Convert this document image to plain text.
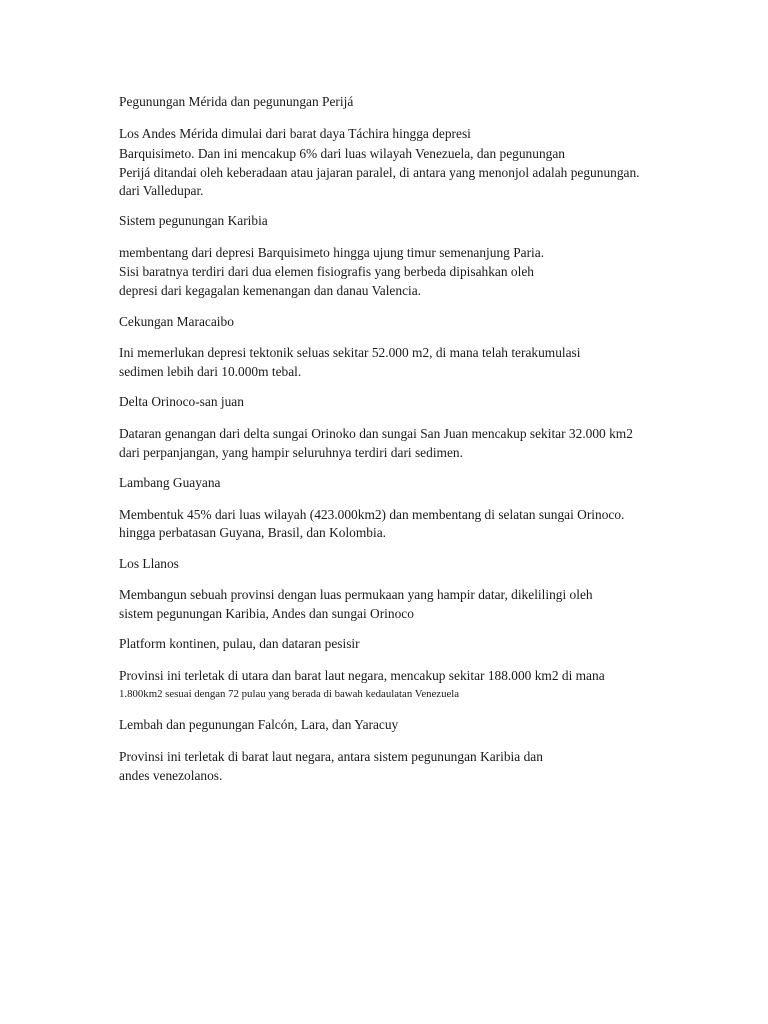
Pegunungan Mérida dan pegunungan Perijá
Los Andes Mérida dimulai dari barat daya Táchira hingga depresi
Barquisimeto. Dan ini mencakup 6% dari luas wilayah Venezuela, dan pegunungan
Perijá ditandai oleh keberadaan atau jajaran paralel, di antara yang menonjol adalah pegunungan.
dari Valledupar.
Sistem pegunungan Karibia
membentang dari depresi Barquisimeto hingga ujung timur semenanjung Paria.
Sisi baratnya terdiri dari dua elemen fisiografis yang berbeda dipisahkan oleh
depresi dari kegagalan kemenangan dan danau Valencia.
Cekungan Maracaibo
Ini memerlukan depresi tektonik seluas sekitar 52.000 m2, di mana telah terakumulasi
sedimen lebih dari 10.000m tebal.
Delta Orinoco-san juan
Dataran genangan dari delta sungai Orinoko dan sungai San Juan mencakup sekitar 32.000 km2
dari perpanjangan, yang hampir seluruhnya terdiri dari sedimen.
Lambang Guayana
Membentuk 45% dari luas wilayah (423.000km2) dan membentang di selatan sungai Orinoco.
hingga perbatasan Guyana, Brasil, dan Kolombia.
Los Llanos
Membangun sebuah provinsi dengan luas permukaan yang hampir datar, dikelilingi oleh
sistem pegunungan Karibia, Andes dan sungai Orinoco
Platform kontinen, pulau, dan dataran pesisir
Provinsi ini terletak di utara dan barat laut negara, mencakup sekitar 188.000 km2 di mana
1.800km2 sesuai dengan 72 pulau yang berada di bawah kedaulatan Venezuela
Lembah dan pegunungan Falcón, Lara, dan Yaracuy
Provinsi ini terletak di barat laut negara, antara sistem pegunungan Karibia dan
andes venezolanos.
